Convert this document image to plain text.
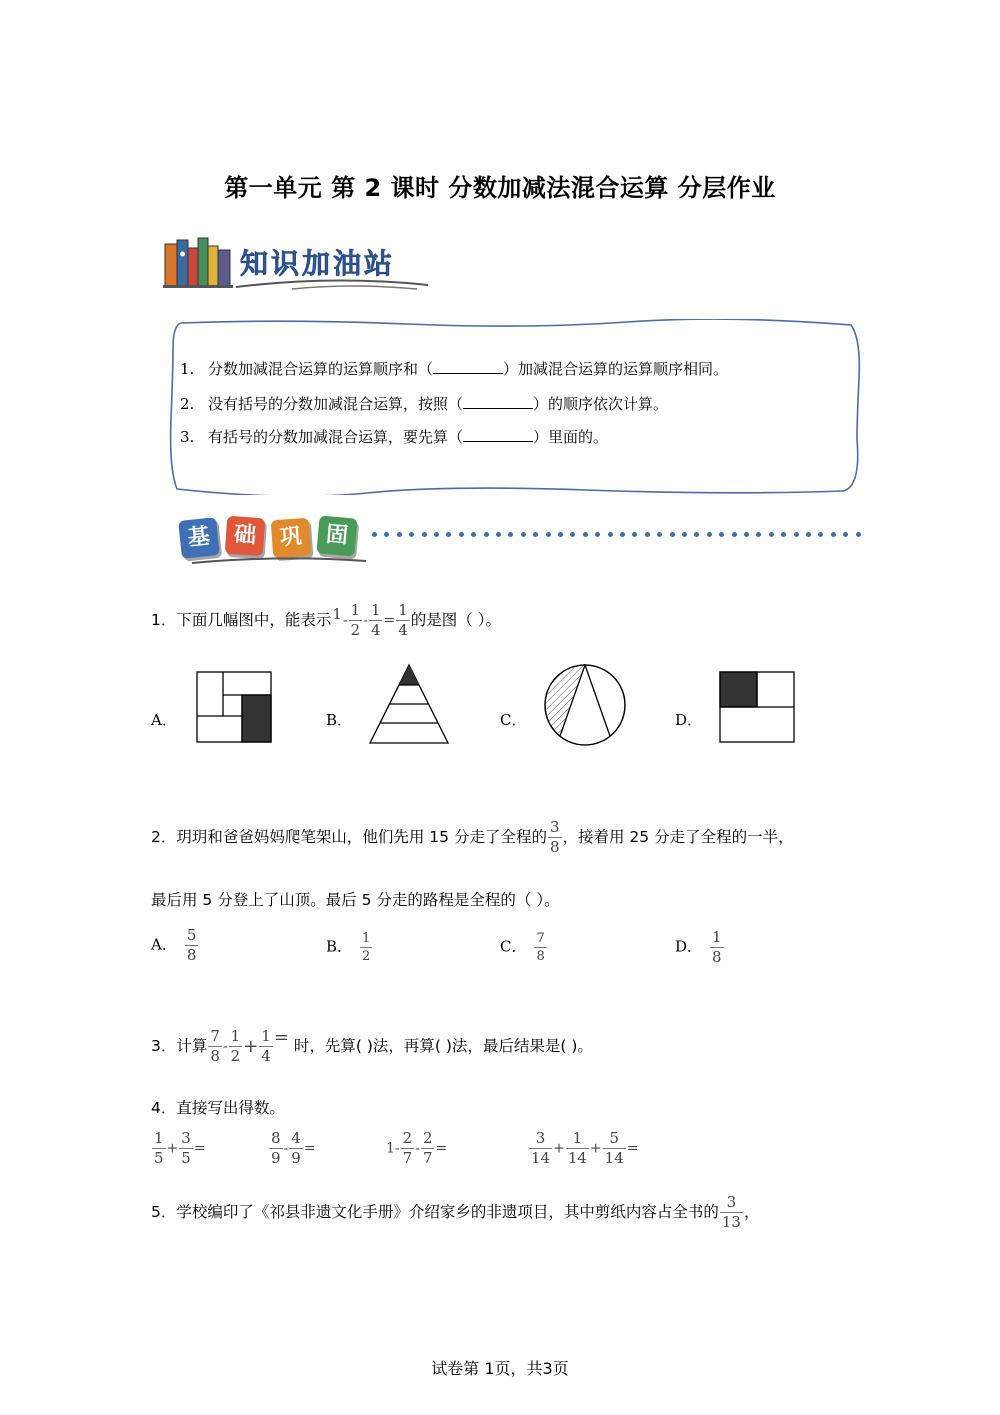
第一单元 第 2 课时 分数加减法混合运算 分层作业
知识加油站
1. 分数加减混合运算的运算顺序和（	）加减混合运算的运算顺序相同。
2. 没有括号的分数加减混合运算，按照（	）的顺序依次计算。
3. 有括号的分数加减混合运算，要先算（	）里面的。
基 础	巩	固
1．下面几幅图中，能表示 $1 - \frac{1}{2} - \frac{1}{4} = \frac{1}{4}$ 的是图（ ）。
A．	B．	C．	D．
2．玥玥和爸爸妈妈爬笔架山，他们先用 15 分走了全程的 $\frac{3}{8}$ ，接着用 25 分走了全程的一半，
最后用 5 分登上了山顶。最后 5 分走的路程是全程的（ ）。
A． $\frac{5}{8}$	B． $\frac{1}{2}$	C． $\frac{7}{8}$	D． $\frac{1}{8}$
3．计算 $\frac{7}{8} - \frac{1}{2} + \frac{1}{4}$ = 时，先算( )法，再算( )法，最后结果是( )。
4．直接写出得数。
$\frac{1}{5} + \frac{3}{5}$ =	$\frac{8}{9} - \frac{4}{9}$ =	$1- \frac{2}{7} - \frac{2}{7}$ =	$\frac{3}{14} + \frac{1}{14} + \frac{5}{14}$ =
5．学校编印了《祁县非遗文化手册》介绍家乡的非遗项目，其中剪纸内容占全书的 $\frac{3}{13}$ ，
试卷第 1页，共3页
